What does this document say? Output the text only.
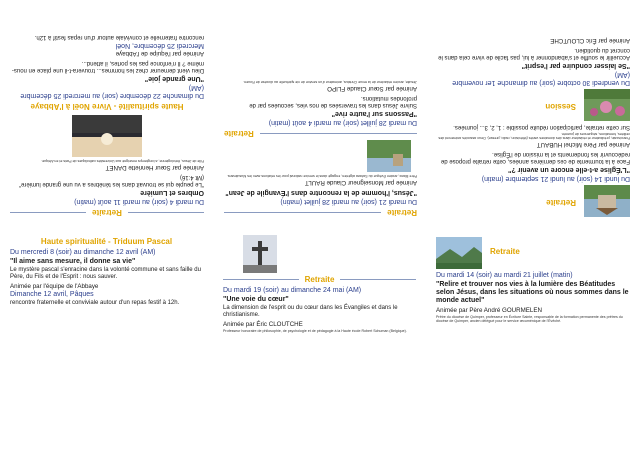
Retraite
Du lundi 14 (soir) au lundi 21 septembre (matin)
"L'Église a-t-elle encore un avenir ?"
Face à la tourmente de ces dernières années, cette retraite propose de redécouvrir les fondements et la mission de l'Église.
Animée par Père Michel HUBAUT
Franciscain, prédicateur et rédacteur dans des domaines variés (télévision, radio, presse). Deux associés animeront des veillées, formations, séquences de journée.
Sur cette retraite, participation réduite possible : 1, 2, 3... journées.
Session
Du vendredi 30 octobre (soir) au dimanche 1er novembre (AM)
"Se laisser conduire par l'esprit"
Accueillir le souffle et s'abandonner à lui, pas facile de vivre cela dans le concret du quotidien.
Animée par Éric CLOUTCHE
Retraite
Du mardi 21 (soir) au mardi 28 juillet (matin)
"Jésus, l'homme de la rencontre dans l'Évangile de Jean"
Animée par Monseigneur Claude RAULT
Père Blanc, ancien Évêque du Sahara algérien, engagé dans le service national pour les relations avec les Musulmans.
Retraite
Du mardi 28 juillet (soir) au mardi 4 août (matin)
"Passons sur l'autre rive"
Suivre Jésus dans les traversées de nos vies, secouées par de profondes mutations.
Animée par Sœur Claude FLIPO
Jésuite, ancien rédacteur de la revue Christus, animateur d'un service de vie spirituelle au diocèse de Rouen.
Retraite
Du mardi 4 (soir) au mardi 11 août (matin)
Ombres et Lumière
"Le peuple qui se trouvait dans les ténèbres a vu une grande lumière" (Mt 4:16)
Animée par Sœur Henriette DANET
Fille de Jésus, théologienne, a longtemps enseigné aux Universités catholiques de Paris et en Afrique.
Haute spiritualité - Vivre Noël à l'Abbaye
Du dimanche 22 décembre (soir) au mercredi 25 décembre (AM)
"Une grande joie"
Dieu vient demeurer chez les hommes... trouvera-t-il une place en nous-même ? Il n'enfonce pas les portes, il attend...
Animée par l'équipe de l'Abbaye
Mercredi 25 décembre, Noël
rencontre fraternelle et conviviale autour d'un repas festif à 12h.
Haute spiritualité - Triduum Pascal
Du mercredi 8 (soir) au dimanche 12 avril (AM)
"Il aime sans mesure, il donne sa vie"
Le mystère pascal s'enracine dans la volonté commune et sans faille du Père, du Fils et de l'Esprit : nous sauver.
Animée par l'équipe de l'Abbaye
Dimanche 12 avril, Pâques
rencontre fraternelle et conviviale autour d'un repas festif à 12h.
Retraite
Du mardi 19 (soir) au dimanche 24 mai (AM)
"Une voie du cœur"
La dimension de l'esprit ou du cœur dans les Évangiles et dans le christianisme.
Animée par Éric CLOUTCHE
Professeur honoraire de philosophie, de psychologie et de pédagogie à la Haute école Robert Schuman (Belgique).
Retraite
Du mardi 14 (soir) au mardi 21 juillet (matin)
"Relire et trouver nos vies à la lumière des Béatitudes selon Jésus, dans les situations où nous sommes dans le monde actuel"
Animée par Père André GOURMELEN
Prêtre du diocèse de Quimper, professeur en Écriture Sainte, responsable de la formation permanente des prêtres du diocèse de Quimper, ancien délégué pour le service œcuménique de l'Évêché.
